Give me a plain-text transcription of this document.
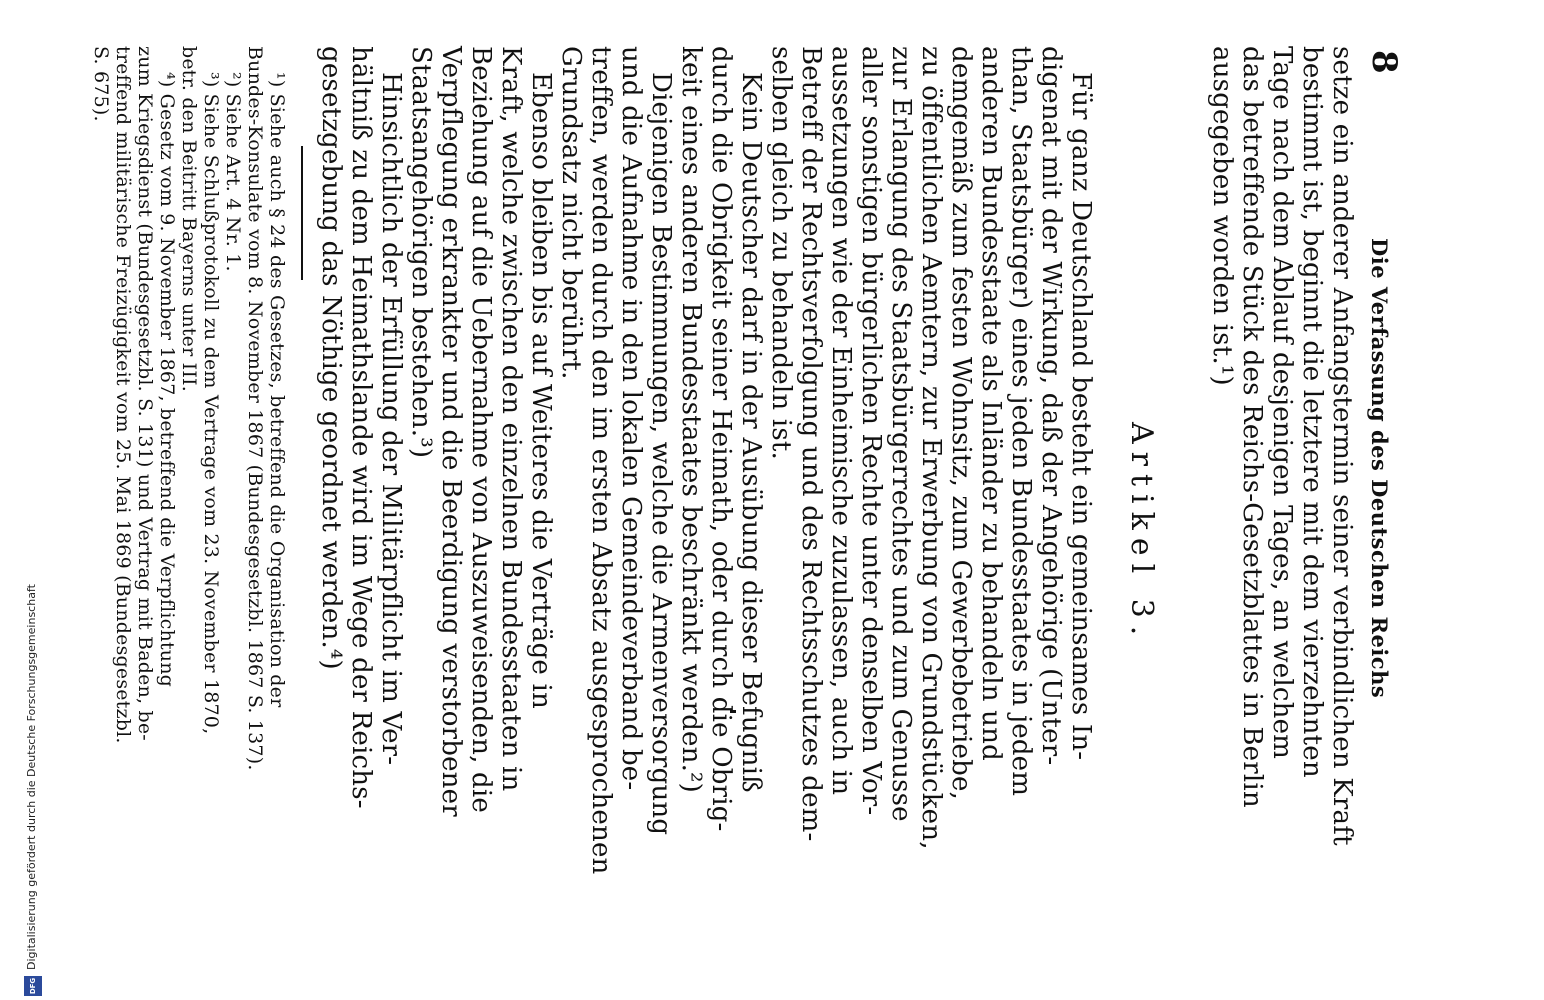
8
Die Verfassung des Deutschen Reichs
setze ein anderer Anfangstermin seiner verbindlichen Kraft
bestimmt ist, beginnt die letztere mit dem vierzehnten
Tage nach dem Ablauf desjenigen Tages, an welchem
das betreffende Stück des Reichs-Gesetzblattes in Berlin
ausgegeben worden ist.¹)
Artikel 3.
Für ganz Deutschland besteht ein gemeinsames In-
digenat mit der Wirkung, daß der Angehörige (Unter-
than, Staatsbürger) eines jeden Bundesstaates in jedem
anderen Bundesstaate als Inländer zu behandeln und
demgemäß zum festen Wohnsitz, zum Gewerbebetriebe,
zu öffentlichen Aemtern, zur Erwerbung von Grundstücken,
zur Erlangung des Staatsbürgerrechtes und zum Genusse
aller sonstigen bürgerlichen Rechte unter denselben Vor-
aussetzungen wie der Einheimische zuzulassen, auch in
Betreff der Rechtsverfolgung und des Rechtsschutzes dem-
selben gleich zu behandeln ist.
Kein Deutscher darf in der Ausübung dieser Befugniß
durch die Obrigkeit seiner Heimath, oder durch die Obrig-
keit eines anderen Bundesstaates beschränkt werden.²)
Diejenigen Bestimmungen, welche die Armenversorgung
und die Aufnahme in den lokalen Gemeindeverband be-
treffen, werden durch den im ersten Absatz ausgesprochenen
Grundsatz nicht berührt.
Ebenso bleiben bis auf Weiteres die Verträge in
Kraft, welche zwischen den einzelnen Bundesstaaten in
Beziehung auf die Uebernahme von Auszuweisenden, die
Verpflegung erkrankter und die Beerdigung verstorbener
Staatsangehörigen bestehen.³)
Hinsichtlich der Erfüllung der Militärpflicht im Ver-
hältniß zu dem Heimathslande wird im Wege der Reichs-
gesetzgebung das Nöthige geordnet werden.⁴)
¹) Siehe auch § 24 des Gesetzes, betreffend die Organisation der
Bundes-Konsulate vom 8. November 1867 (Bundesgesetzbl. 1867 S. 137).
²) Siehe Art. 4 Nr. 1.
³) Siehe Schlußprotokoll zu dem Vertrage vom 23. November 1870,
betr. den Beitritt Bayerns unter III.
⁴) Gesetz vom 9. November 1867, betreffend die Verpflichtung
zum Kriegsdienst (Bundesgesetzbl. S. 131) und Vertrag mit Baden, be-
treffend militärische Freizügigkeit vom 25. Mai 1869 (Bundesgesetzbl.
S. 675).
DFG
Digitalisierung gefördert durch die Deutsche Forschungsgemeinschaft
